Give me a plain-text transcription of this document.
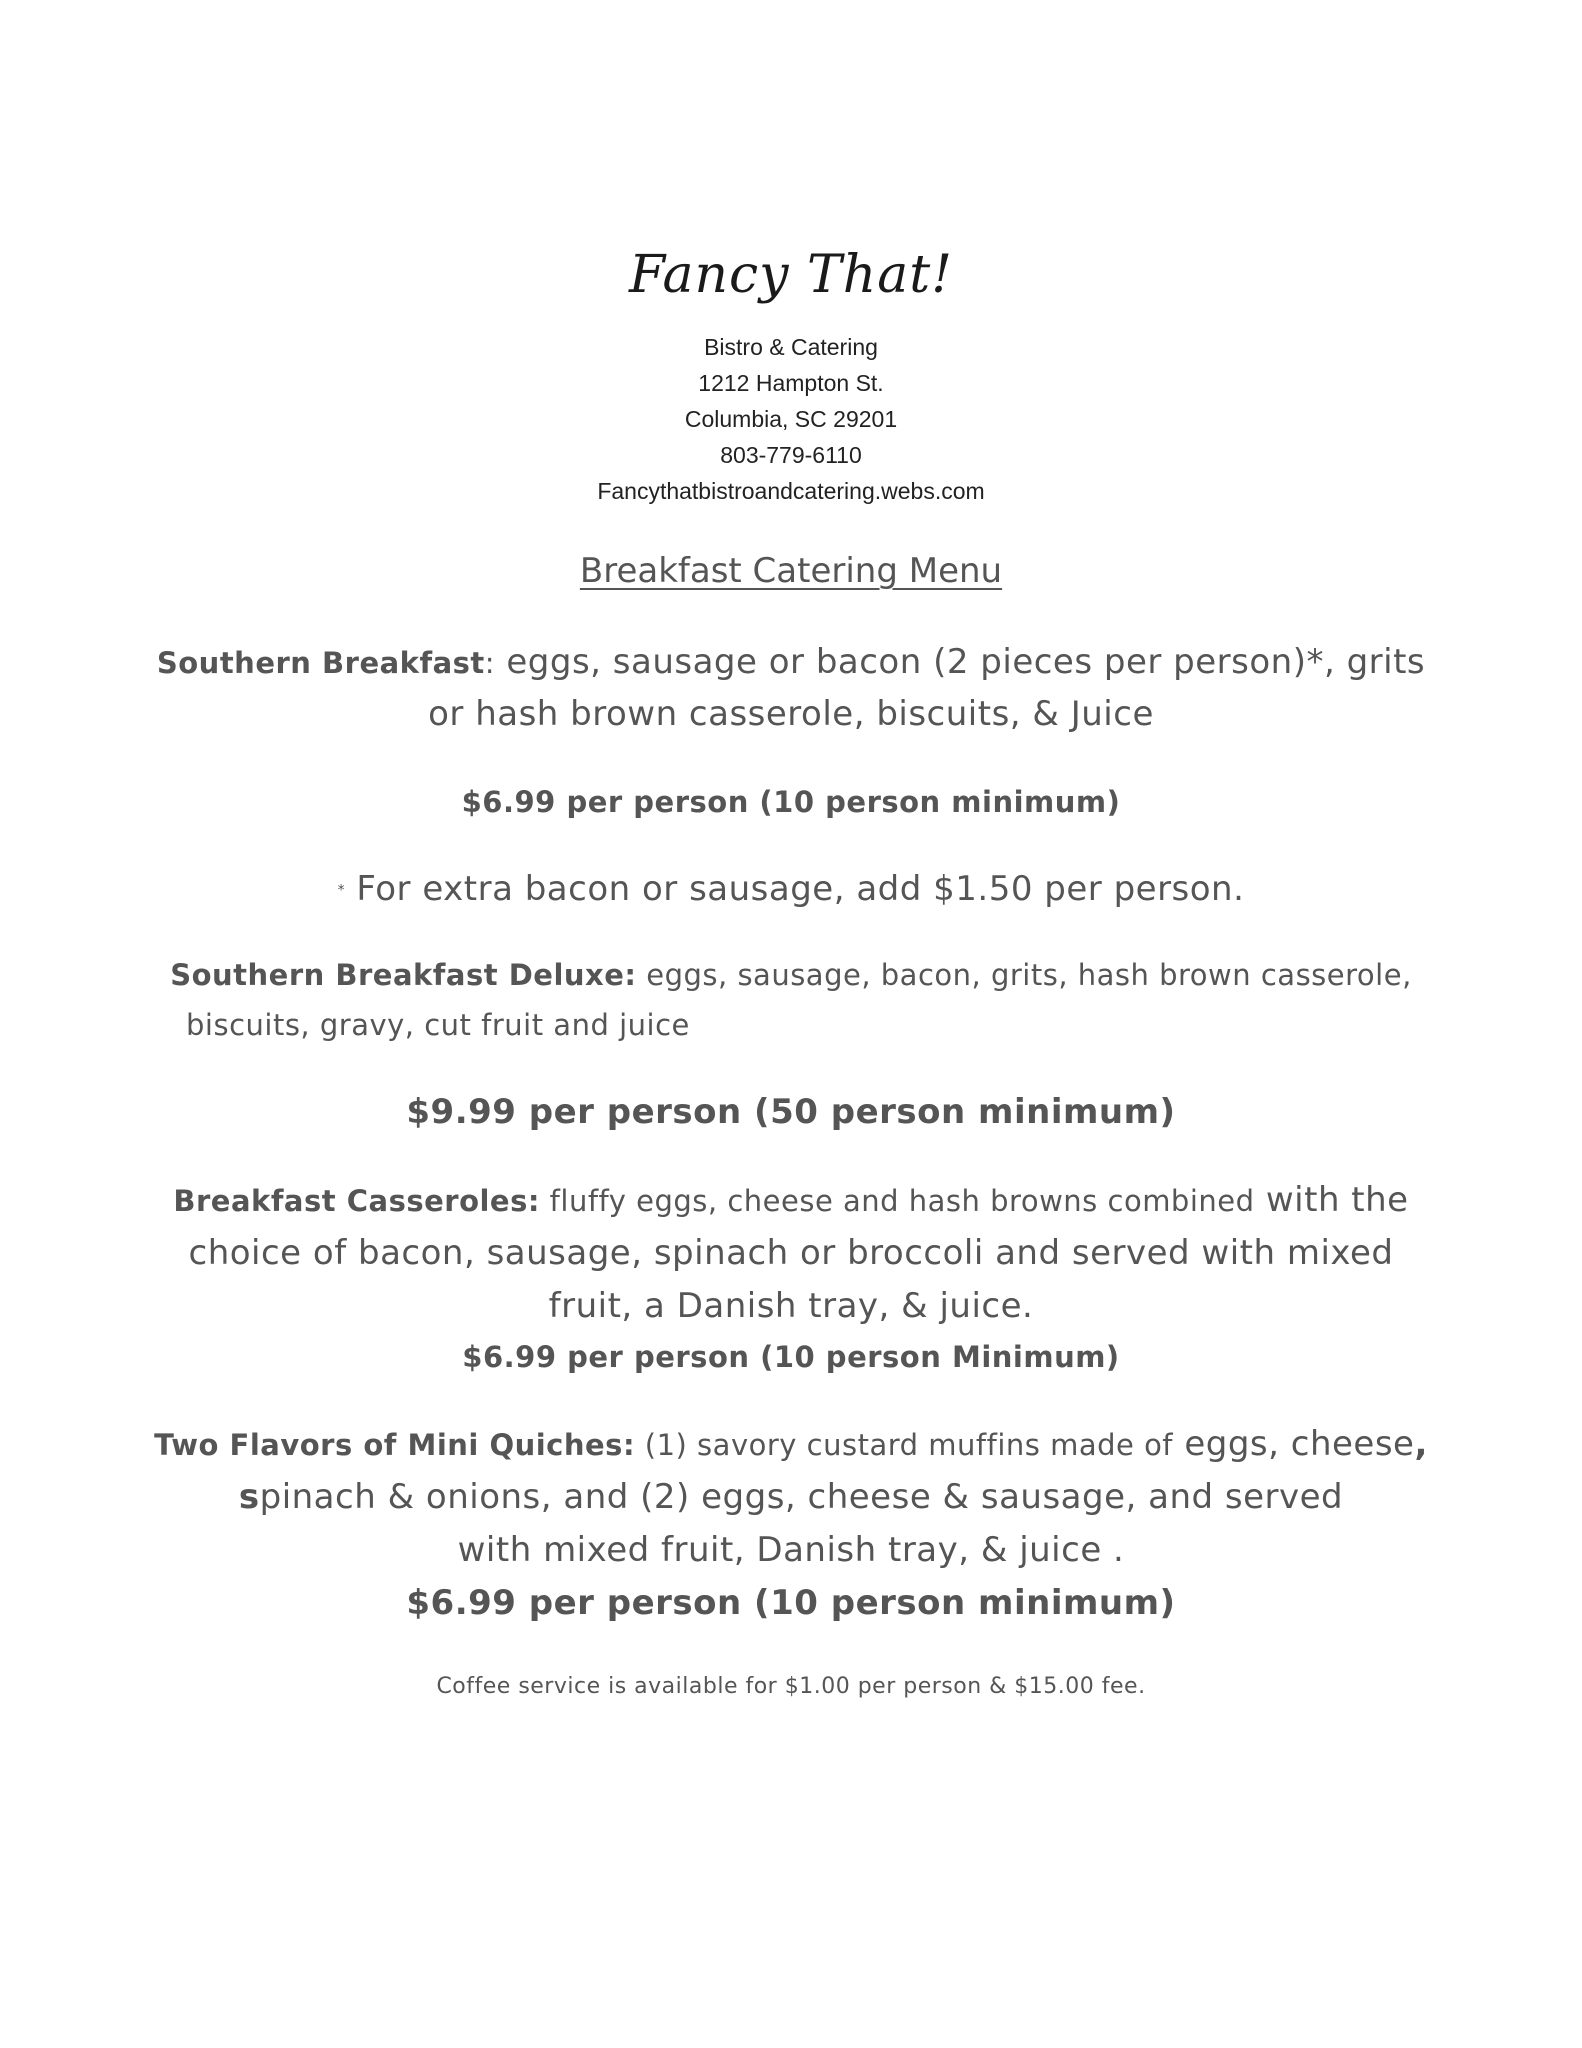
Fancy That!
Bistro & Catering
1212 Hampton St.
Columbia, SC 29201
803-779-6110
Fancythatbistroandcatering.webs.com
Breakfast Catering Menu
Southern Breakfast: eggs, sausage or bacon (2 pieces per person)*, grits
or hash brown casserole, biscuits, & Juice
$6.99 per person (10 person minimum)
* For extra bacon or sausage, add $1.50 per person.
Southern Breakfast Deluxe: eggs, sausage, bacon, grits, hash brown casserole,
biscuits, gravy, cut fruit and juice
$9.99 per person (50 person minimum)
Breakfast Casseroles: fluffy eggs, cheese and hash browns combined with the
choice of bacon, sausage, spinach or broccoli and served with mixed
fruit, a Danish tray, & juice.
$6.99 per person (10 person Minimum)
Two Flavors of Mini Quiches: (1) savory custard muffins made of eggs, cheese,
spinach & onions, and (2) eggs, cheese & sausage, and served
with mixed fruit, Danish tray, & juice .
$6.99 per person (10 person minimum)
Coffee service is available for $1.00 per person & $15.00 fee.
